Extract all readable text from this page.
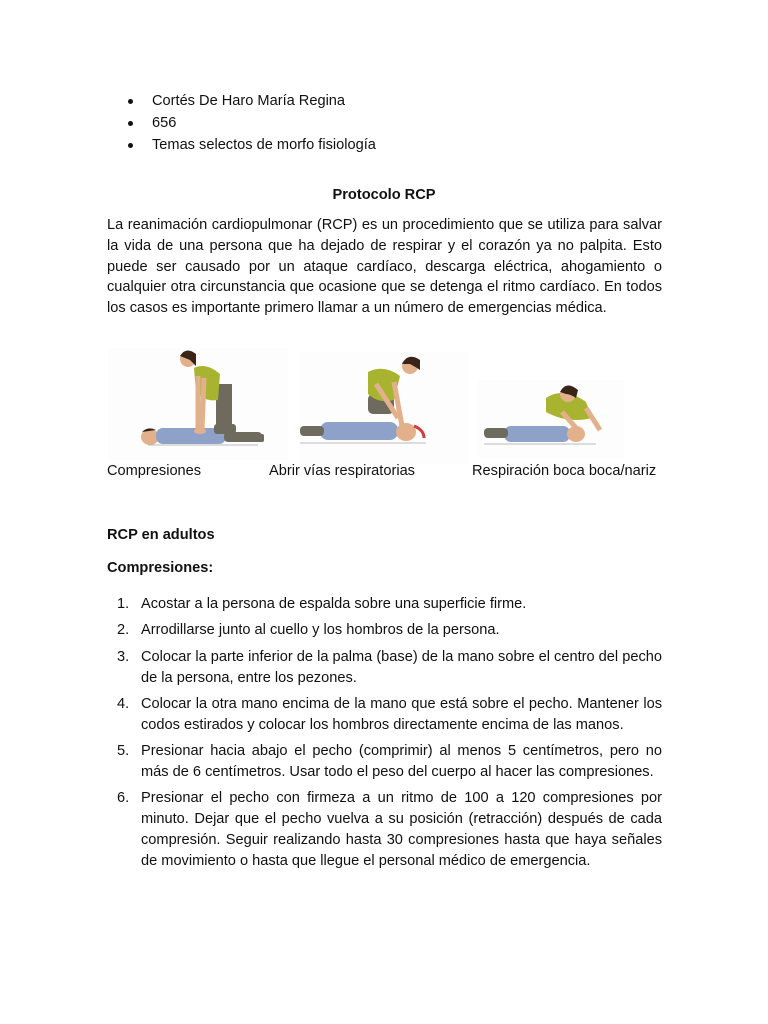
Cortés De Haro María Regina
656
Temas selectos de morfo fisiología
Protocolo RCP

La reanimación cardiopulmonar (RCP) es un procedimiento que se utiliza para salvar la vida de una persona que ha dejado de respirar y el corazón ya no palpita. Esto puede ser causado por un ataque cardíaco, descarga eléctrica, ahogamiento o cualquier otra circunstancia que ocasione que se detenga el ritmo cardíaco. En todos los casos es importante primero llamar a un número de emergencias médica.

Compresiones	Abrir vías respiratorias	Respiración boca boca/nariz
RCP en adultos
Compresiones:
1. Acostar a la persona de espalda sobre una superficie firme.
2. Arrodillarse junto al cuello y los hombros de la persona.
3. Colocar la parte inferior de la palma (base) de la mano sobre el centro del pecho de la persona, entre los pezones.
4. Colocar la otra mano encima de la mano que está sobre el pecho. Mantener los codos estirados y colocar los hombros directamente encima de las manos.
5. Presionar hacia abajo el pecho (comprimir) al menos 5 centímetros, pero no más de 6 centímetros. Usar todo el peso del cuerpo al hacer las compresiones.
6. Presionar el pecho con firmeza a un ritmo de 100 a 120 compresiones por minuto. Dejar que el pecho vuelva a su posición (retracción) después de cada compresión. Seguir realizando hasta 30 compresiones hasta que haya señales de movimiento o hasta que llegue el personal médico de emergencia.
